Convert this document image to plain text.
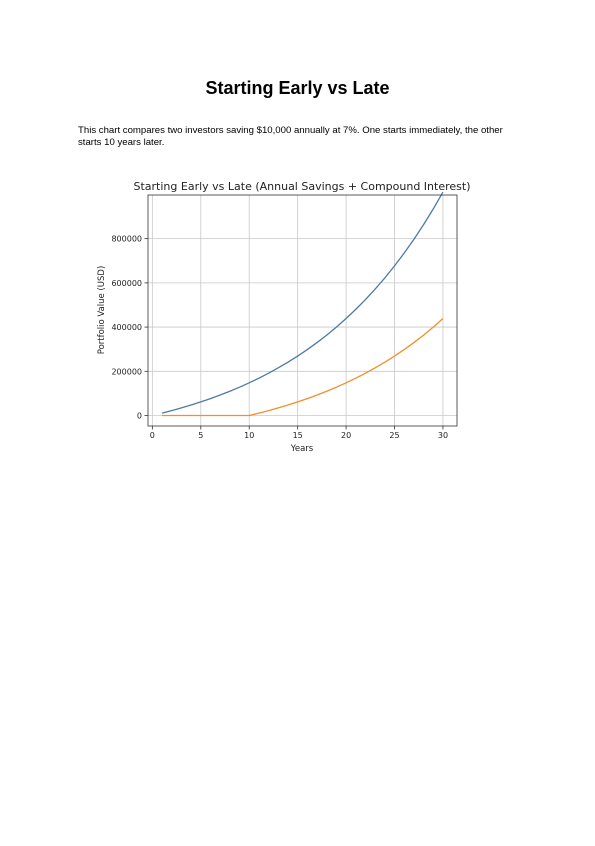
Starting Early vs Late

This chart compares two investors saving $10,000 annually at 7%. One starts immediately, the other starts 10 years later.

Starting Early vs Late (Annual Savings + Compound Interest)
0	5	10	15	20	25	30
0
200000
400000
600000
800000
Years
Portfolio Value (USD)
